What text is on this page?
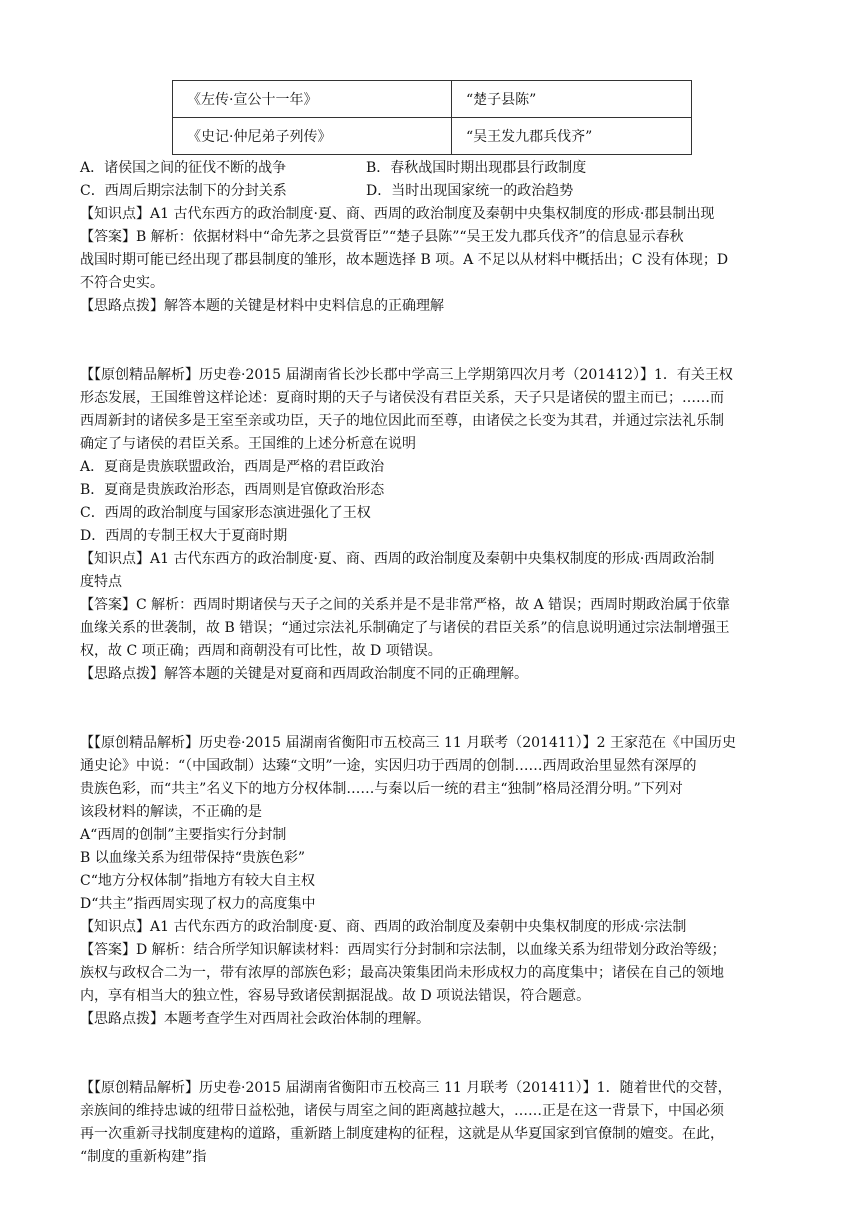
《左传·宣公十一年》	“楚子县陈”
《史记·仲尼弟子列传》	“吴王发九郡兵伐齐”
A．诸侯国之间的征伐不断的战争	B．春秋战国时期出现郡县行政制度
C．西周后期宗法制下的分封关系	D．当时出现国家统一的政治趋势
【知识点】A1 古代东西方的政治制度·夏、商、西周的政治制度及秦朝中央集权制度的形成·郡县制出现
【答案】B 解析：依据材料中“命先茅之县赏胥臣”“楚子县陈”“吴王发九郡兵伐齐”的信息显示春秋
战国时期可能已经出现了郡县制度的雏形，故本题选择 B 项。A 不足以从材料中概括出；C 没有体现；D
不符合史实。
【思路点拨】解答本题的关键是材料中史料信息的正确理解
【【原创精品解析】历史卷·2015 届湖南省长沙长郡中学高三上学期第四次月考（201412）】1．有关王权
形态发展，王国维曾这样论述：夏商时期的天子与诸侯没有君臣关系，天子只是诸侯的盟主而已；……而
西周新封的诸侯多是王室至亲或功臣，天子的地位因此而至尊，由诸侯之长变为其君，并通过宗法礼乐制
确定了与诸侯的君臣关系。王国维的上述分析意在说明
A．夏商是贵族联盟政治，西周是严格的君臣政治
B．夏商是贵族政治形态，西周则是官僚政治形态
C．西周的政治制度与国家形态演进强化了王权
D．西周的专制王权大于夏商时期
【知识点】A1 古代东西方的政治制度·夏、商、西周的政治制度及秦朝中央集权制度的形成·西周政治制
度特点
【答案】C 解析：西周时期诸侯与天子之间的关系并是不是非常严格，故 A 错误；西周时期政治属于依靠
血缘关系的世袭制，故 B 错误；“通过宗法礼乐制确定了与诸侯的君臣关系”的信息说明通过宗法制增强王
权，故 C 项正确；西周和商朝没有可比性，故 D 项错误。
【思路点拨】解答本题的关键是对夏商和西周政治制度不同的正确理解。
【【原创精品解析】历史卷·2015 届湖南省衡阳市五校高三 11 月联考（201411）】2 王家范在《中国历史
通史论》中说：“（中国政制）达臻“文明”一途，实因归功于西周的创制……西周政治里显然有深厚的
贵族色彩，而“共主”名义下的地方分权体制……与秦以后一统的君主“独制”格局泾渭分明。”下列对
该段材料的解读，不正确的是
A“西周的创制”主要指实行分封制
B 以血缘关系为纽带保持“贵族色彩”
C“地方分权体制”指地方有较大自主权
D“共主”指西周实现了权力的高度集中
【知识点】A1 古代东西方的政治制度·夏、商、西周的政治制度及秦朝中央集权制度的形成·宗法制
【答案】D 解析：结合所学知识解读材料：西周实行分封制和宗法制，以血缘关系为纽带划分政治等级；
族权与政权合二为一，带有浓厚的部族色彩；最高决策集团尚未形成权力的高度集中；诸侯在自己的领地
内，享有相当大的独立性，容易导致诸侯割据混战。故 D 项说法错误，符合题意。
【思路点拨】本题考查学生对西周社会政治体制的理解。
【【原创精品解析】历史卷·2015 届湖南省衡阳市五校高三 11 月联考（201411）】1．随着世代的交替，
亲族间的维持忠诚的纽带日益松弛，诸侯与周室之间的距离越拉越大，……正是在这一背景下，中国必须
再一次重新寻找制度建构的道路，重新踏上制度建构的征程，这就是从华夏国家到官僚制的嬗变。在此，
“制度的重新构建”指
